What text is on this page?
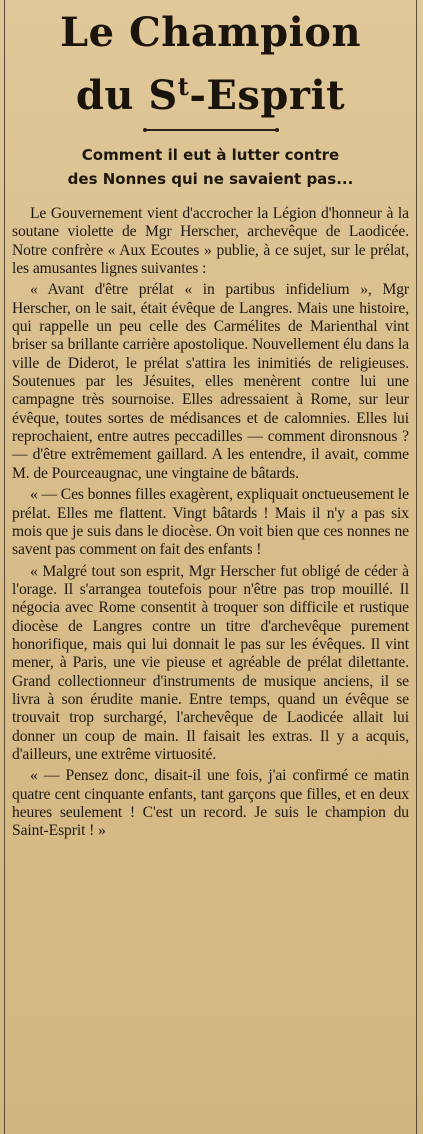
Le Champion
du $S^t$-Esprit
Comment il eut à lutter contre
des Nonnes qui ne savaient pas...

Le Gouvernement vient d'accrocher la Légion d'honneur à la soutane violette de Mgr Herscher, archevêque de Laodicée. Notre confrère « Aux Ecoutes » publie, à ce sujet, sur le prélat, les amusantes lignes suivantes :

« Avant d'être prélat « in partibus infidelium », Mgr Herscher, on le sait, était évêque de Langres. Mais une histoire, qui rappelle un peu celle des Carmélites de Marienthal vint briser sa brillante carrière apostolique. Nouvellement élu dans la ville de Diderot, le prélat s'attira les inimitiés de religieuses. Soutenues par les Jésuites, elles menèrent contre lui une campagne très sournoise. Elles adressaient à Rome, sur leur évêque, toutes sortes de médisances et de calomnies. Elles lui reprochaient, entre autres peccadilles — comment dironsnous ? — d'être extrêmement gaillard. A les entendre, il avait, comme M. de Pourceaugnac, une vingtaine de bâtards.

« — Ces bonnes filles exagèrent, expliquait onctueusement le prélat. Elles me flattent. Vingt bâtards ! Mais il n'y a pas six mois que je suis dans le diocèse. On voit bien que ces nonnes ne savent pas comment on fait des enfants !

« Malgré tout son esprit, Mgr Herscher fut obligé de céder à l'orage. Il s'arrangea toutefois pour n'être pas trop mouillé. Il négocia avec Rome consentit à troquer son difficile et rustique diocèse de Langres contre un titre d'archevêque purement honorifique, mais qui lui donnait le pas sur les évêques. Il vint mener, à Paris, une vie pieuse et agréable de prélat dilettante. Grand collectionneur d'instruments de musique anciens, il se livra à son érudite manie. Entre temps, quand un évêque se trouvait trop surchargé, l'archevêque de Laodicée allait lui donner un coup de main. Il faisait les extras. Il y a acquis, d'ailleurs, une extrême virtuosité.

« — Pensez donc, disait-il une fois, j'ai confirmé ce matin quatre cent cinquante enfants, tant garçons que filles, et en deux heures seulement ! C'est un record. Je suis le champion du Saint-Esprit ! »
